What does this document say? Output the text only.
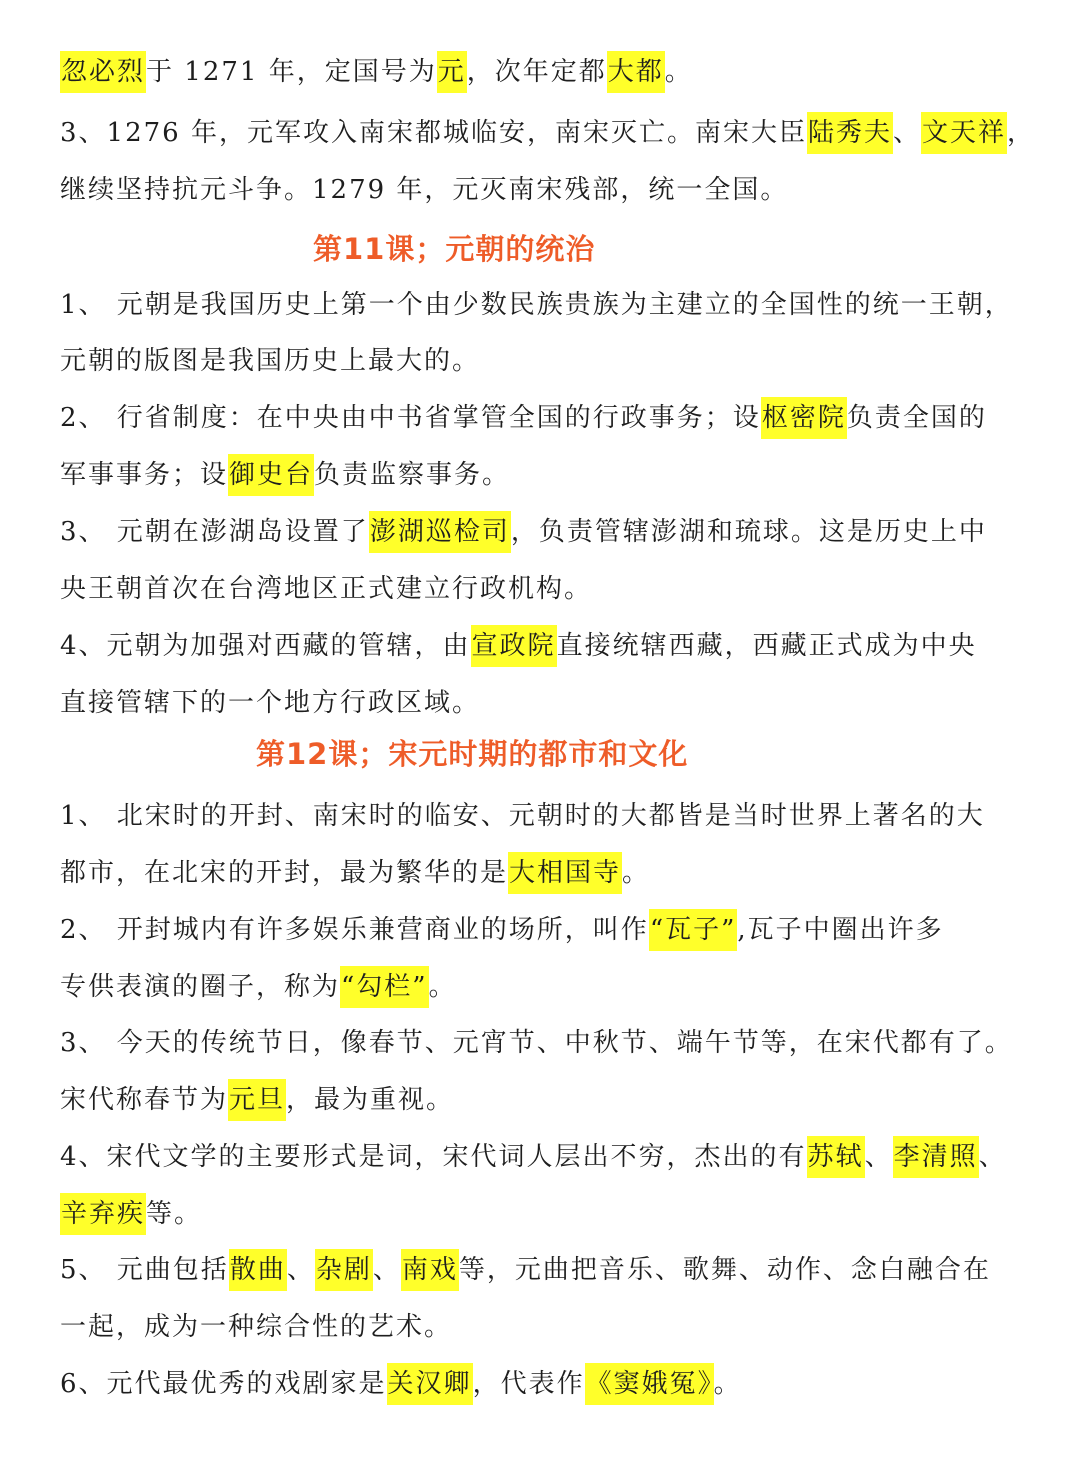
忽必烈于 1271 年，定国号为元，次年定都大都。
3、1276 年，元军攻入南宋都城临安，南宋灭亡。南宋大臣陆秀夫、文天祥，
继续坚持抗元斗争。1279 年，元灭南宋残部，统一全国。
第11课；元朝的统治
1、 元朝是我国历史上第一个由少数民族贵族为主建立的全国性的统一王朝，
元朝的版图是我国历史上最大的。
2、 行省制度：在中央由中书省掌管全国的行政事务；设枢密院负责全国的
军事事务；设御史台负责监察事务。
3、 元朝在澎湖岛设置了澎湖巡检司，负责管辖澎湖和琉球。这是历史上中
央王朝首次在台湾地区正式建立行政机构。
4、元朝为加强对西藏的管辖，由宣政院直接统辖西藏，西藏正式成为中央
直接管辖下的一个地方行政区域。
第12课；宋元时期的都市和文化
1、 北宋时的开封、南宋时的临安、元朝时的大都皆是当时世界上著名的大
都市，在北宋的开封，最为繁华的是大相国寺。
2、 开封城内有许多娱乐兼营商业的场所，叫作“瓦子”,瓦子中圈出许多
专供表演的圈子，称为“勾栏”。
3、 今天的传统节日，像春节、元宵节、中秋节、端午节等，在宋代都有了。
宋代称春节为元旦，最为重视。
4、宋代文学的主要形式是词，宋代词人层出不穷，杰出的有苏轼、李清照、
辛弃疾等。
5、 元曲包括散曲、杂剧、南戏等，元曲把音乐、歌舞、动作、念白融合在
一起，成为一种综合性的艺术。
6、元代最优秀的戏剧家是关汉卿，代表作《窦娥冤》。
